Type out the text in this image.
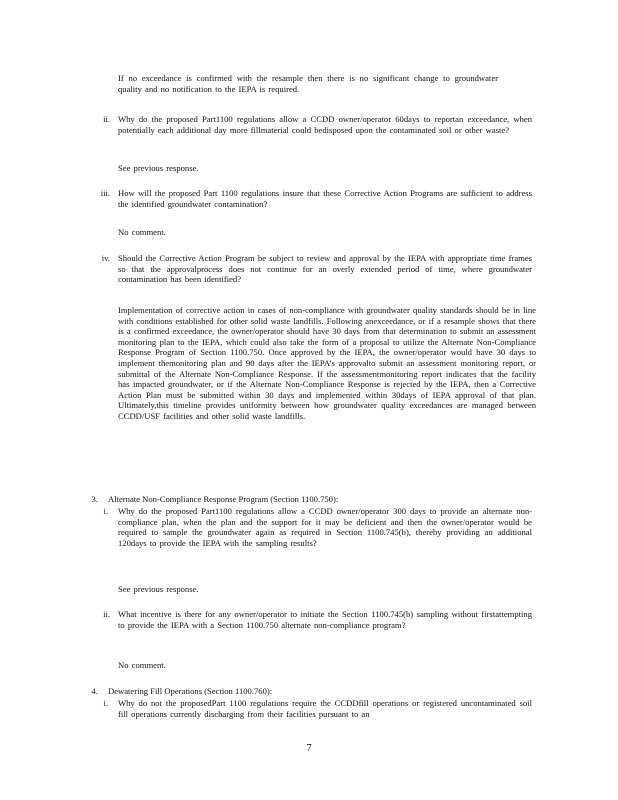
If no exceedance is confirmed with the resample then there is no significant change to groundwater quality and no notification to the IEPA is required.
ii. Why do the proposed Part1100 regulations allow a CCDD owner/operator 60days to reportan exceedance, when potentially each additional day more fillmaterial could bedisposed upon the contaminated soil or other waste?
See previous response.
iii. How will the proposed Part 1100 regulations insure that these Corrective Action Programs are sufficient to address the identified groundwater contamination?
No comment.
iv. Should the Corrective Action Program be subject to review and approval by the IEPA with appropriate time frames so that the approvalprocess does not continue for an overly extended period of time, where groundwater contamination has been identified?
Implementation of corrective action in cases of non-compliance with groundwater quality standards should be in line with conditions established for other solid waste landfills. Following anexceedance, or if a resample shows that there is a confirmed exceedance, the owner/operator should have 30 days from that determination to submit an assessment monitoring plan to the IEPA, which could also take the form of a proposal to utilize the Alternate Non-Compliance Response Program of Section 1100.750. Once approved by the IEPA, the owner/operator would have 30 days to implement themonitoring plan and 90 days after the IEPA’s approvalto submit an assessment monitoring report, or submittal of the Alternate Non-Compliance Response. If the assessmentmonitoring report indicates that the facility has impacted groundwater, or if the Alternate Non-Compliance Response is rejected by the IEPA, then a Corrective Action Plan must be submitted within 30 days and implemented within 30days of IEPA approval of that plan. Ultimately,this timeline provides uniformity between how groundwater quality exceedances are managed between CCDD/USF facilities and other solid waste landfills.
3. Alternate Non-Compliance Response Program (Section 1100.750):
i. Why do the proposed Part1100 regulations allow a CCDD owner/operator 300 days to provide an alternate non-compliance plan, when the plan and the support for it may be deficient and then the owner/operator would be required to sample the groundwater again as required in Section 1100.745(b), thereby providing an additional 120days to provide the IEPA with the sampling results?
See previous response.
ii. What incentive is there for any owner/operator to initiate the Section 1100.745(b) sampling without firstattempting to provide the IEPA with a Section 1100.750 alternate non-compliance program?
No comment.
4. Dewatering Fill Operations (Section 1100.760):
i. Why do not the proposedPart 1100 regulations require the CCDDfill operations or registered uncontaminated soil fill operations currently discharging from their facilities pursuant to an
7
